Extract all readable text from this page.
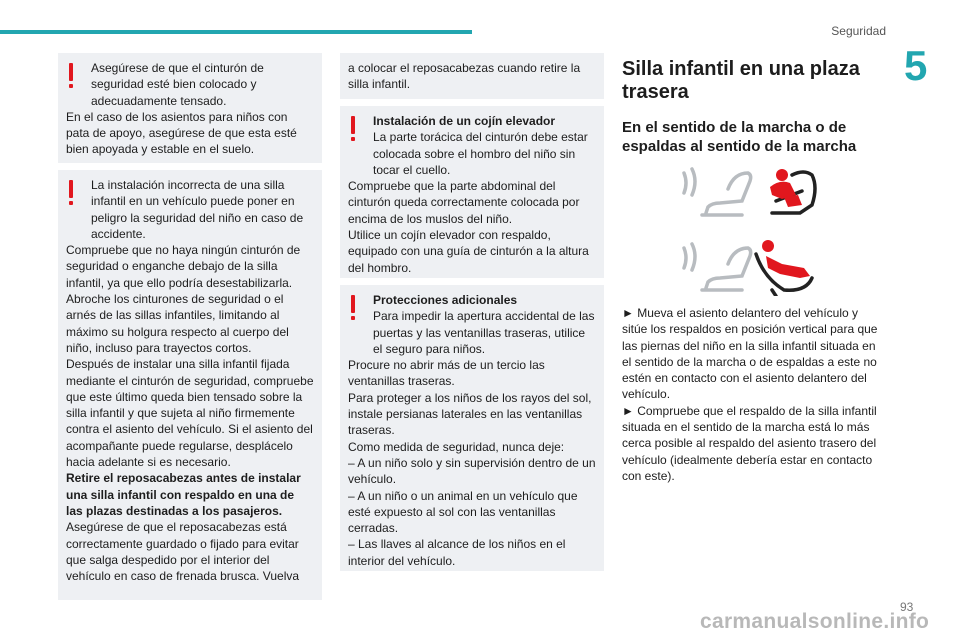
Seguridad
5

Asegúrese de que el cinturón de seguridad esté bien colocado y adecuadamente tensado.

En el caso de los asientos para niños con pata de apoyo, asegúrese de que esta esté bien apoyada y estable en el suelo.

La instalación incorrecta de una silla infantil en un vehículo puede poner en peligro la seguridad del niño en caso de accidente.

Compruebe que no haya ningún cinturón de seguridad o enganche debajo de la silla infantil, ya que ello podría desestabilizarla.

Abroche los cinturones de seguridad o el arnés de las sillas infantiles, limitando al máximo su holgura respecto al cuerpo del niño, incluso para trayectos cortos.

Después de instalar una silla infantil fijada mediante el cinturón de seguridad, compruebe que este último queda bien tensado sobre la silla infantil y que sujeta al niño firmemente contra el asiento del vehículo. Si el asiento del acompañante puede regularse, desplácelo hacia adelante si es necesario.

Retire el reposacabezas antes de instalar una silla infantil con respaldo en una de las plazas destinadas a los pasajeros.

Asegúrese de que el reposacabezas está correctamente guardado o fijado para evitar que salga despedido por el interior del vehículo en caso de frenada brusca. Vuelva

a colocar el reposacabezas cuando retire la silla infantil.

Instalación de un cojín elevador

La parte torácica del cinturón debe estar colocada sobre el hombro del niño sin tocar el cuello.

Compruebe que la parte abdominal del cinturón queda correctamente colocada por encima de los muslos del niño.

Utilice un cojín elevador con respaldo, equipado con una guía de cinturón a la altura del hombro.

Protecciones adicionales

Para impedir la apertura accidental de las puertas y las ventanillas traseras, utilice el seguro para niños.

Procure no abrir más de un tercio las ventanillas traseras.

Para proteger a los niños de los rayos del sol, instale persianas laterales en las ventanillas traseras.

Como medida de seguridad, nunca deje:

– A un niño solo y sin supervisión dentro de un vehículo.

– A un niño o un animal en un vehículo que esté expuesto al sol con las ventanillas cerradas.

– Las llaves al alcance de los niños en el interior del vehículo.

Silla infantil en una plaza trasera
En el sentido de la marcha o de espaldas al sentido de la marcha

► Mueva el asiento delantero del vehículo y sitúe los respaldos en posición vertical para que las piernas del niño en la silla infantil situada en el sentido de la marcha o de espaldas a este no estén en contacto con el asiento delantero del vehículo.

► Compruebe que el respaldo de la silla infantil situada en el sentido de la marcha está lo más cerca posible al respaldo del asiento trasero del vehículo (idealmente debería estar en contacto con este).

93
carmanualsonline.info
